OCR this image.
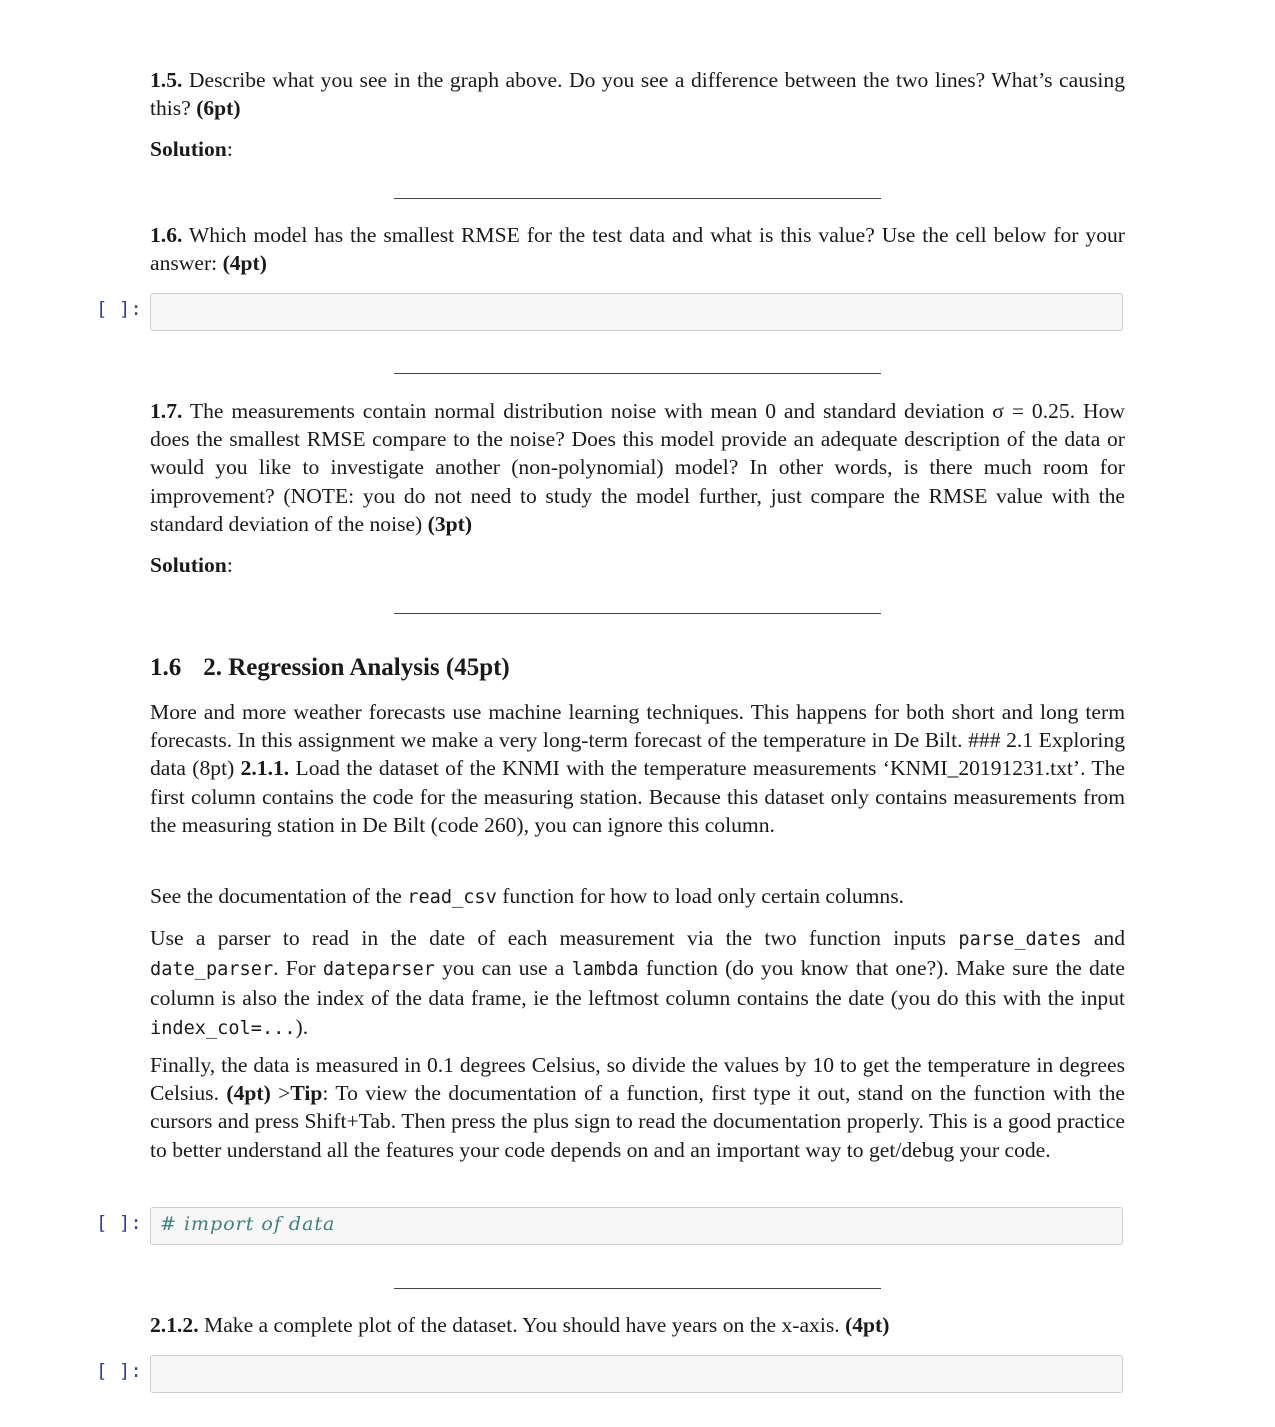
1.5. Describe what you see in the graph above. Do you see a difference between the two lines? What’s causing this? (6pt)
Solution:
1.6. Which model has the smallest RMSE for the test data and what is this value? Use the cell below for your answer: (4pt)
[ ]:
1.7. The measurements contain normal distribution noise with mean 0 and standard deviation σ = 0.25. How does the smallest RMSE compare to the noise? Does this model provide an adequate description of the data or would you like to investigate another (non-polynomial) model? In other words, is there much room for improvement? (NOTE: you do not need to study the model further, just compare the RMSE value with the standard deviation of the noise) (3pt)
Solution:
1.6 2. Regression Analysis (45pt)
More and more weather forecasts use machine learning techniques. This happens for both short and long term forecasts. In this assignment we make a very long-term forecast of the temperature in De Bilt. ### 2.1 Exploring data (8pt) 2.1.1. Load the dataset of the KNMI with the temperature measurements ‘KNMI_20191231.txt’. The first column contains the code for the measuring station. Because this dataset only contains measurements from the measuring station in De Bilt (code 260), you can ignore this column.
See the documentation of the read_csv function for how to load only certain columns.
Use a parser to read in the date of each measurement via the two function inputs parse_dates and date_parser. For dateparser you can use a lambda function (do you know that one?). Make sure the date column is also the index of the data frame, ie the leftmost column contains the date (you do this with the input index_col=...).
Finally, the data is measured in 0.1 degrees Celsius, so divide the values by 10 to get the temperature in degrees Celsius. (4pt) >Tip: To view the documentation of a function, first type it out, stand on the function with the cursors and press Shift+Tab. Then press the plus sign to read the documentation properly. This is a good practice to better understand all the features your code depends on and an important way to get/debug your code.
[ ]: # import of data
2.1.2. Make a complete plot of the dataset. You should have years on the x-axis. (4pt)
[ ]:
